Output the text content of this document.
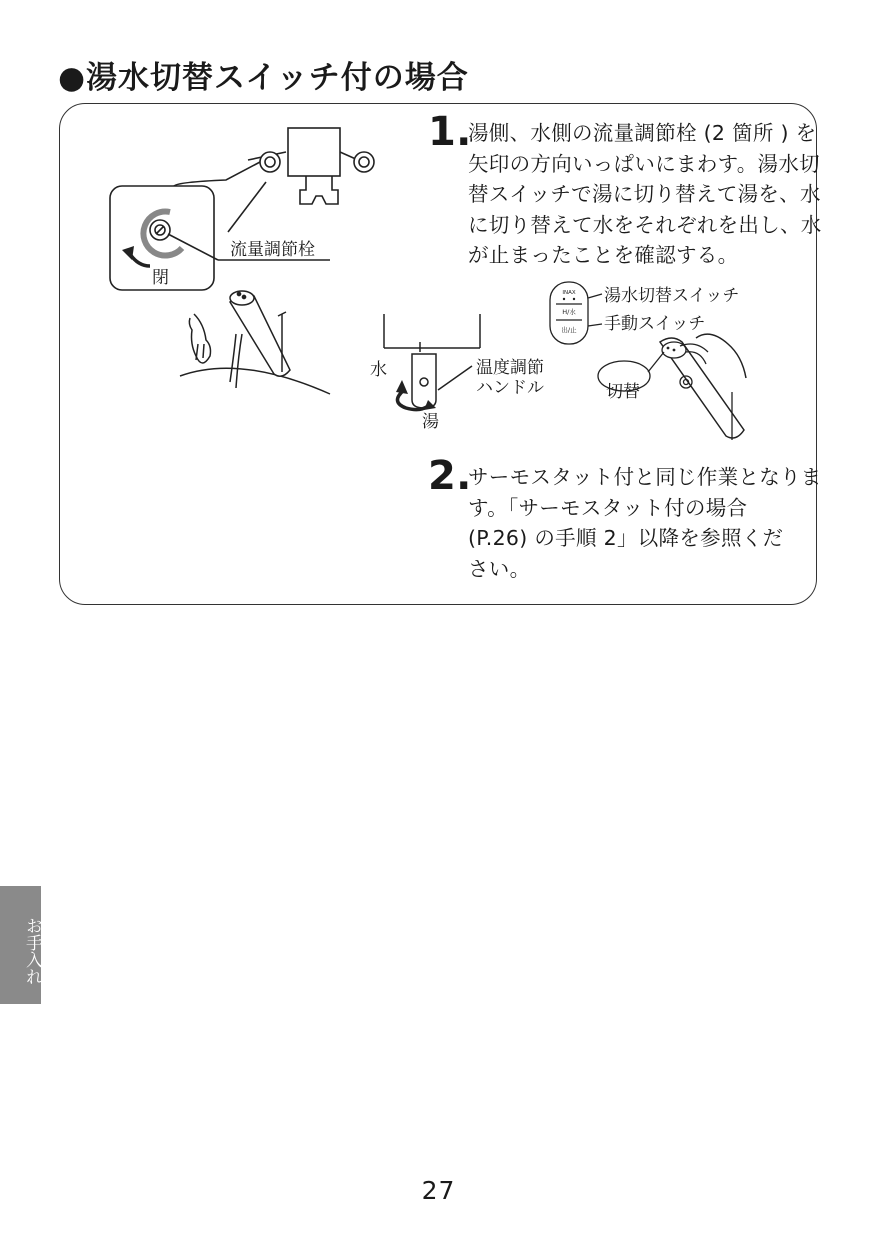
●湯水切替スイッチ付の場合
流量調節栓
閉
1.
湯側、水側の流量調節栓 (2 箇所 ) を
矢印の方向いっぱいにまわす。湯水切
替スイッチで湯に切り替えて湯を、水
に切り替えて水をそれぞれを出し、水
が止まったことを確認する。
温度調節
ハンドル
水
湯
INAX
H/水
出/止
湯水切替スイッチ
手動スイッチ
切替
2.
サーモスタット付と同じ作業となりま
す。「サーモスタット付の場合
(P.26) の手順 2」以降を参照くだ
さい。
お手入れ
27
